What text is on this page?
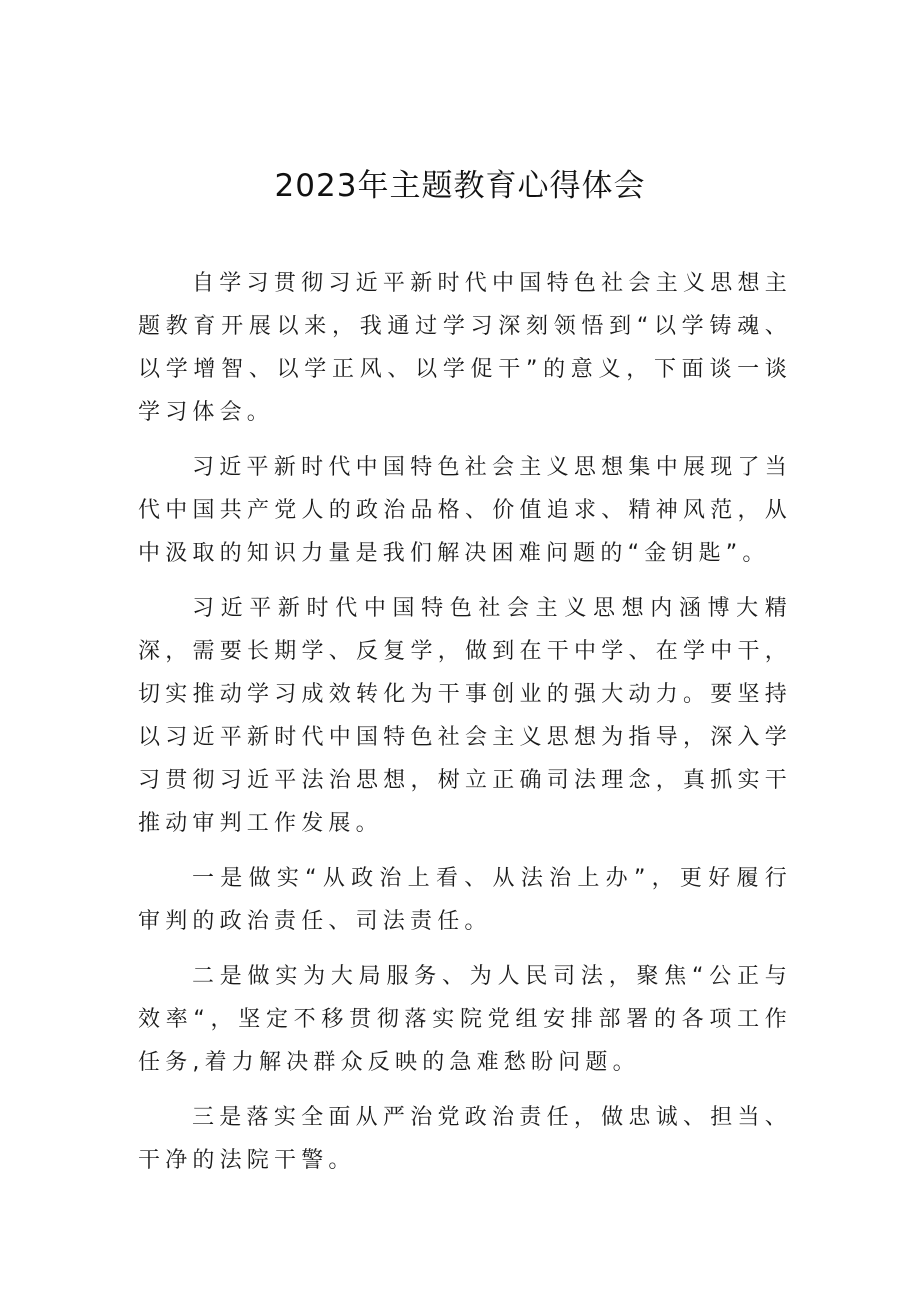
2023年主题教育心得体会

自学习贯彻习近平新时代中国特色社会主义思想主题教育开展以来，我通过学习深刻领悟到“以学铸魂、以学增智、以学正风、以学促干”的意义，下面谈一谈学习体会。

习近平新时代中国特色社会主义思想集中展现了当代中国共产党人的政治品格、价值追求、精神风范，从中汲取的知识力量是我们解决困难问题的“金钥匙”。

习近平新时代中国特色社会主义思想内涵博大精深，需要长期学、反复学，做到在干中学、在学中干，切实推动学习成效转化为干事创业的强大动力。要坚持以习近平新时代中国特色社会主义思想为指导，深入学习贯彻习近平法治思想，树立正确司法理念，真抓实干推动审判工作发展。

一是做实“从政治上看、从法治上办”，更好履行审判的政治责任、司法责任。

二是做实为大局服务、为人民司法，聚焦“公正与效率“，坚定不移贯彻落实院党组安排部署的各项工作任务,着力解决群众反映的急难愁盼问题。

三是落实全面从严治党政治责任，做忠诚、担当、干净的法院干警。
